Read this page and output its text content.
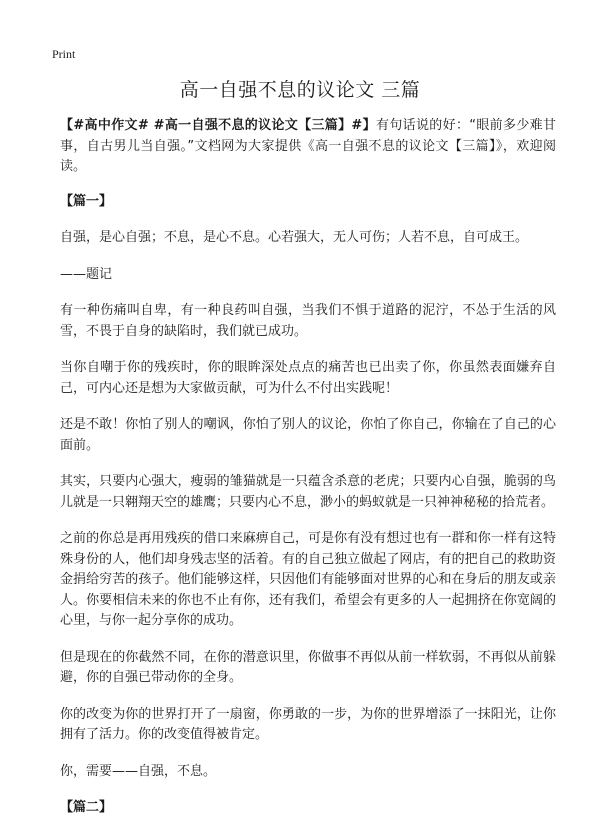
Print
高一自强不息的议论文 三篇

【#高中作文# #高一自强不息的议论文【三篇】#】有句话说的好：“眼前多少难甘事，自古男儿当自强。”文档网为大家提供《高一自强不息的议论文【三篇】》，欢迎阅读。

【篇一】

自强，是心自强；不息，是心不息。心若强大，无人可伤；人若不息，自可成王。

——题记

有一种伤痛叫自卑，有一种良药叫自强，当我们不惧于道路的泥泞，不怂于生活的风雪，不畏于自身的缺陷时，我们就已成功。

当你自嘲于你的残疾时，你的眼眸深处点点的痛苦也已出卖了你，你虽然表面嫌弃自己，可内心还是想为大家做贡献，可为什么不付出实践呢！

还是不敢！你怕了别人的嘲讽，你怕了别人的议论，你怕了你自己，你输在了自己的心面前。

其实，只要内心强大，瘦弱的雏猫就是一只蕴含杀意的老虎；只要内心自强，脆弱的鸟儿就是一只翱翔天空的雄鹰；只要内心不息，渺小的蚂蚁就是一只神神秘秘的拾荒者。

之前的你总是再用残疾的借口来麻痹自己，可是你有没有想过也有一群和你一样有这特殊身份的人，他们却身残志坚的活着。有的自己独立做起了网店，有的把自己的救助资金捐给穷苦的孩子。他们能够这样，只因他们有能够面对世界的心和在身后的朋友或亲人。你要相信未来的你也不止有你，还有我们，希望会有更多的人一起拥挤在你宽阔的心里，与你一起分享你的成功。

但是现在的你截然不同，在你的潜意识里，你做事不再似从前一样软弱，不再似从前躲避，你的自强已带动你的全身。

你的改变为你的世界打开了一扇窗，你勇敢的一步，为你的世界增添了一抹阳光，让你拥有了活力。你的改变值得被肯定。

你，需要——自强，不息。

【篇二】
